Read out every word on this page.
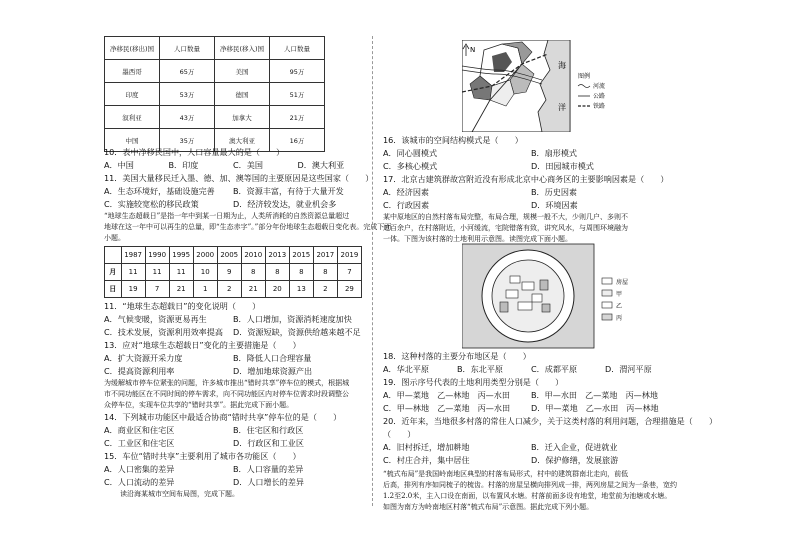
净移民(移出)国	人口数量	净移民(移入)国	人口数量
墨西哥	65万	美国	95万
印度	53万	德国	51万
叙利亚	43万	加拿大	21万
中国	35万	澳大利亚	16万

10．表中净移民国中，人口容量最大的是（　　）

A．中国	B．印度	C．美国	D．澳大利亚

11．美国大量移民迁入墨、德、加、澳等国的主要原因是这些国家（　　）

A．生态环境好，基础设施完善	B．资源丰富，有待于大量开发
C．实施较宽松的移民政策	D．经济较发达，就业机会多

“地球生态超载日”是指一年中到某一日期为止，人类所消耗的自然资源总量超过

地球在这一年中可以再生的总量，即“生态赤字”。”部分年份地球生态超载日变化表。完成下面

小题。

	1987	1990	1995	2000	2005	2010	2013	2015	2017	2019
月	11	11	11	10	9	8	8	8	8	7
日	19	7	21	1	2	21	20	13	2	29

11．“地球生态超载日”的变化说明（　　）

A．气候变暖，资源更易再生	B．人口增加，资源消耗速度加快
C．技术发展，资源利用效率提高	D．资源短缺，资源供给越来越不足

13．应对“地球生态超载日”变化的主要措施是（　　）

A．扩大资源开采力度	B．降低人口合理容量
C．提高资源利用率	D．增加地球资源产出

为缓解城市停车位紧张的问题，许多城市推出“错时共享”停车位的模式，根据城

市不同功能区在不同时间的停车需求，向不同功能区内对停车位需求时段调整公

众停车位，实现车位共享的“错时共享”。据此完成下面小题。

14．下列城市功能区中最适合协商“错时共享”停车位的是（　　）

A．商业区和住宅区	B．住宅区和行政区
C．工业区和住宅区	D．行政区和工业区

15．车位“错时共享”主要利用了城市各功能区（　　）

A．人口密集的差异	B．人口容量的差异
C．人口流动的差异	D．人口增长的差异

读沿海某城市空间布局图，完成下题。

N
海
洋
图例
河流
公路
铁路

16．该城市的空间结构模式是（　　）

A．同心圆模式	B．扇形模式
C．多核心模式	D．田园城市模式

17．北京古建筑群故宫附近没有形成北京中心商务区的主要影响因素是（　　）

A．经济因素	B．历史因素
C．行政因素	D．环境因素

某中原地区的自然村落布局完整，布局合理，规模一般不大，少则几户、多则不

过百余户，在村落附近，小河缓流，宅院错落有致，讲究风水，与周围环境融为

一体。下图为该村落的土地利用示意图。读图完成下面小题。

房屋
甲
乙
丙

18．这种村落的主要分布地区是（　　）

A．华北平原	B．东北平原	C．成都平原	D．渭河平原

19．图示序号代表的土地利用类型分别是（　　）

A．甲—菜地　乙—林地　丙—水田	B．甲—水田　乙—菜地　丙—林地
C．甲—林地　乙—菜地　丙—水田	D．甲—菜地　乙—水田　丙—林地

20．近年来，当地很多村落的常住人口减少，关于这类村落的利用问题，合理措施是（　　）

（　　）

A．旧村拆迁，增加耕地	B．迁入企业，促进就业
C．村庄合并，集中居住	D．保护修缮，发展旅游

“梳式布局”是我国岭南地区典型的村落布局形式，村中的建筑群南北走向，前低

后高，排列有序如同梳子的梳齿。村落的房屋呈横向排列成一排，两列房屋之间为一条巷，宽约

1.2至2.0米，主入口设在南面，以布置风水塘。村落前面多设有地堂，地堂前为池塘或水塘。

如图为南方为岭南地区村落“梳式布局”示意图。据此完成下列小题。
